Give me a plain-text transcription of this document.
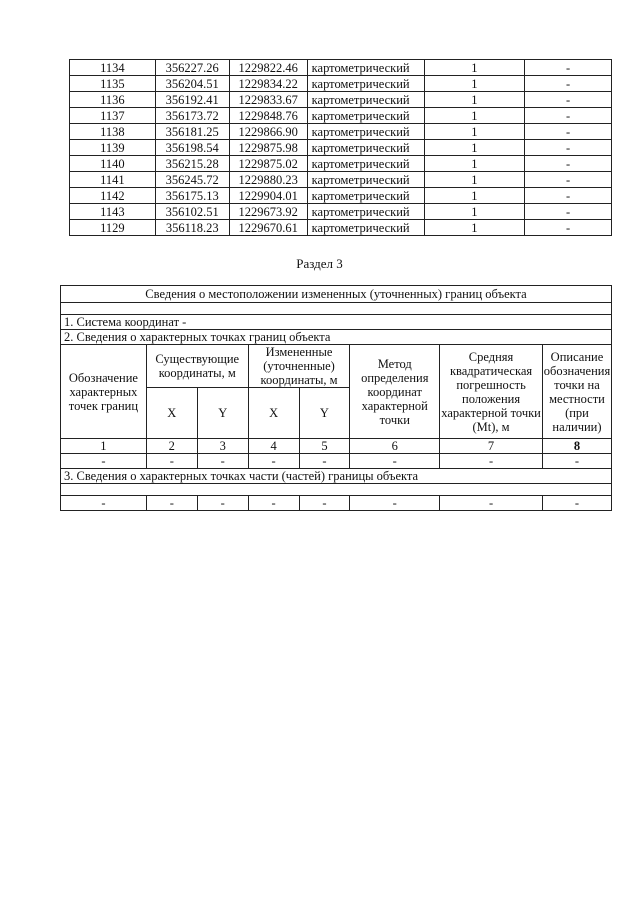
1134	356227.26	1229822.46	картометрический	1	-
1135	356204.51	1229834.22	картометрический	1	-
1136	356192.41	1229833.67	картометрический	1	-
1137	356173.72	1229848.76	картометрический	1	-
1138	356181.25	1229866.90	картометрический	1	-
1139	356198.54	1229875.98	картометрический	1	-
1140	356215.28	1229875.02	картометрический	1	-
1141	356245.72	1229880.23	картометрический	1	-
1142	356175.13	1229904.01	картометрический	1	-
1143	356102.51	1229673.92	картометрический	1	-
1129	356118.23	1229670.61	картометрический	1	-
Раздел 3
Сведения о местоположении измененных (уточненных) границ объекта							

1. Система координат -							
2. Сведения о характерных точках границ объекта							
Обозначение характерных точек границ	Существующие координаты, м		Измененные (уточненные) координаты, м		Метод определения координат характерной точки	Средняя квадратическая погрешность положения характерной точки (Mt), м	Описание обозначения точки на местности (при наличии)
	X	Y	X	Y			
1	2	3	4	5	6	7	8
-	-	-	-	-	-	-	-
3. Сведения о характерных точках части (частей) границы объекта							

-	-	-	-	-	-	-	-
